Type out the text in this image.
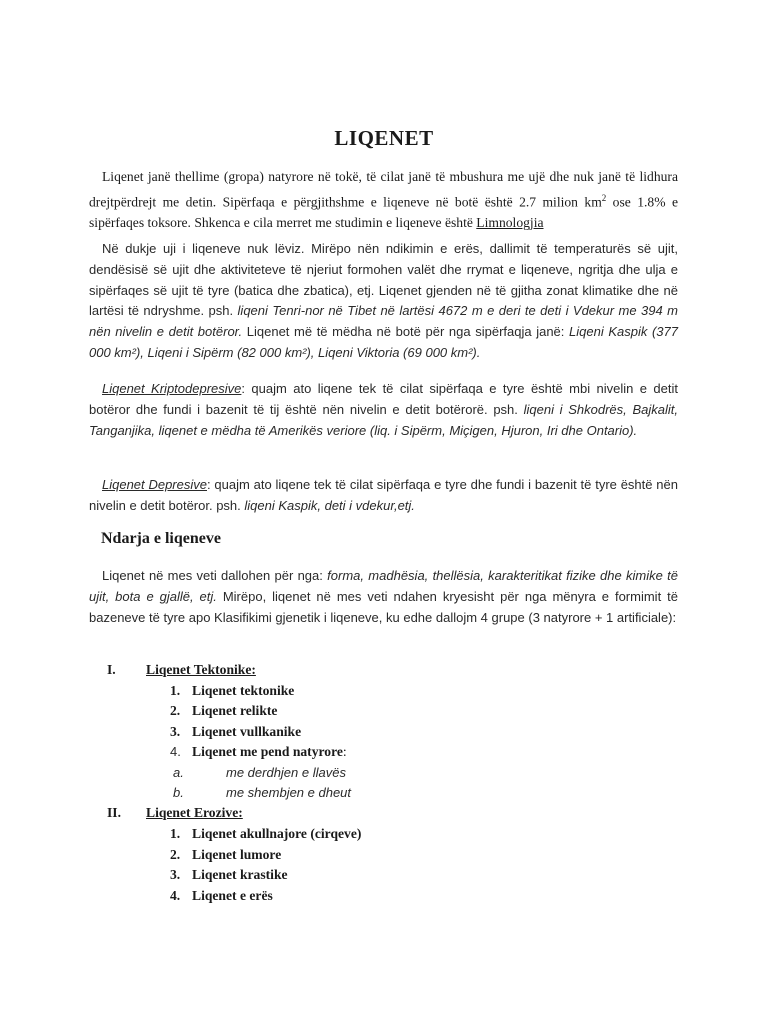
LIQENET

Liqenet janë thellime (gropa) natyrore në tokë, të cilat janë të mbushura me ujë dhe nuk janë të lidhura drejtpërdrejt me detin. Sipërfaqa e përgjithshme e liqeneve në botë është 2.7 milion $km^2$ ose 1.8% e sipërfaqes toksore. Shkenca e cila merret me studimin e liqeneve është Limnologjia

Në dukje uji i liqeneve nuk lëviz. Mirëpo nën ndikimin e erës, dallimit të temperaturës së ujit, dendësisë së ujit dhe aktiviteteve të njeriut formohen valët dhe rrymat e liqeneve, ngritja dhe ulja e sipërfaqes së ujit të tyre (batica dhe zbatica), etj. Liqenet gjenden në të gjitha zonat klimatike dhe në lartësi të ndryshme. psh. liqeni Tenri-nor në Tibet në lartësi 4672 m e deri te deti i Vdekur me 394 m nën nivelin e detit botëror. Liqenet më të mëdha në botë për nga sipërfaqja janë: Liqeni Kaspik (377 000 km²), Liqeni i Sipërm (82 000 km²), Liqeni Viktoria (69 000 km²).

Liqenet Kriptodepresive: quajm ato liqene tek të cilat sipërfaqa e tyre është mbi nivelin e detit botëror dhe fundi i bazenit të tij është nën nivelin e detit botërorë. psh. liqeni i Shkodrës, Bajkalit, Tanganjika, liqenet e mëdha të Amerikës veriore (liq. i Sipërm, Miçigen, Hjuron, Iri dhe Ontario).

Liqenet Depresive: quajm ato liqene tek të cilat sipërfaqa e tyre dhe fundi i bazenit të tyre është nën nivelin e detit botëror. psh. liqeni Kaspik, deti i vdekur,etj.

Ndarja e liqeneve

Liqenet në mes veti dallohen për nga: forma, madhësia, thellësia, karakteritikat fizike dhe kimike të ujit, bota e gjallë, etj. Mirëpo, liqenet në mes veti ndahen kryesisht për nga mënyra e formimit të bazeneve të tyre apo Klasifikimi gjenetik i liqeneve, ku edhe dallojm 4 grupe (3 natyrore + 1 artificiale):

I.	Liqenet Tektonike:
1. Liqenet tektonike
2. Liqenet relikte
3. Liqenet vullkanike
4. Liqenet me pend natyrore:
a.	me derdhjen e llavës
b.	me shembjen e dheut
II.	Liqenet Erozive:
1. Liqenet akullnajore (cirqeve)
2. Liqenet lumore
3. Liqenet krastike
4. Liqenet e erës
